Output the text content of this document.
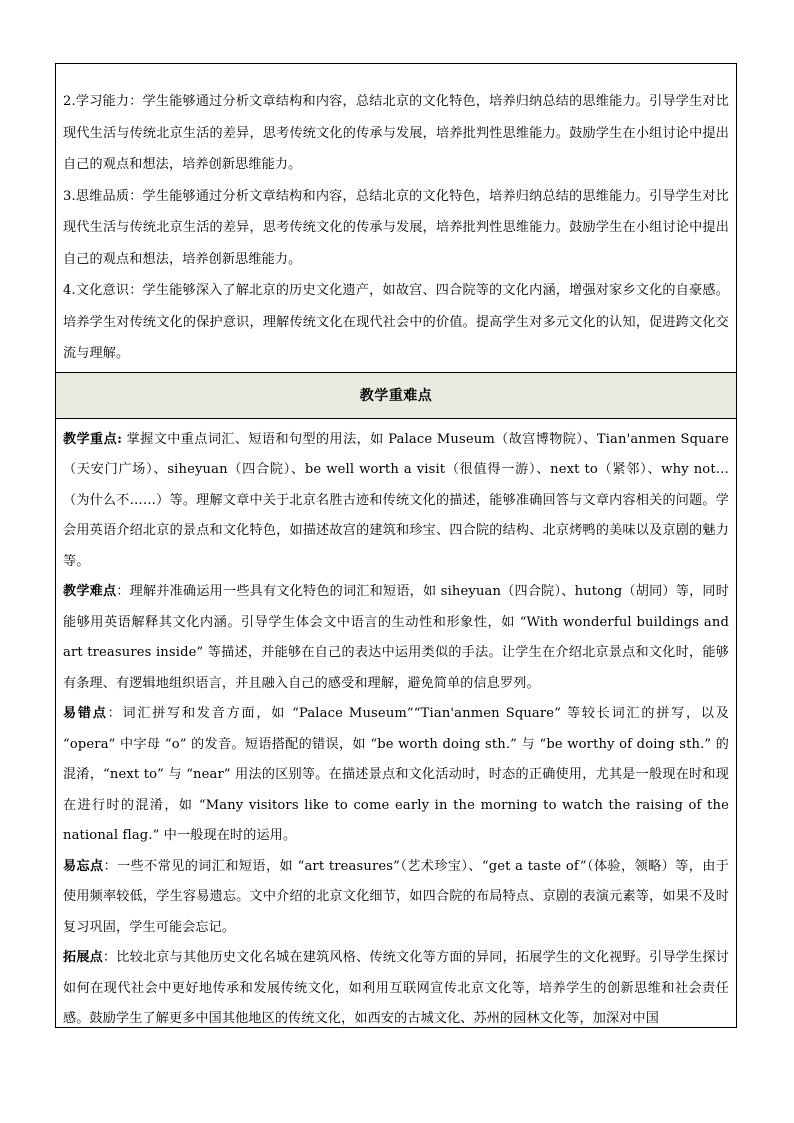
2.学习能力：学生能够通过分析文章结构和内容，总结北京的文化特色，培养归纳总结的思维能力。引导学生对比现代生活与传统北京生活的差异，思考传统文化的传承与发展，培养批判性思维能力。鼓励学生在小组讨论中提出自己的观点和想法，培养创新思维能力。

3.思维品质：学生能够通过分析文章结构和内容，总结北京的文化特色，培养归纳总结的思维能力。引导学生对比现代生活与传统北京生活的差异，思考传统文化的传承与发展，培养批判性思维能力。鼓励学生在小组讨论中提出自己的观点和想法，培养创新思维能力。

4.文化意识：学生能够深入了解北京的历史文化遗产，如故宫、四合院等的文化内涵，增强对家乡文化的自豪感。培养学生对传统文化的保护意识，理解传统文化在现代社会中的价值。提高学生对多元文化的认知，促进跨文化交流与理解。

教学重难点

教学重点: 掌握文中重点词汇、短语和句型的用法，如 Palace Museum（故宫博物院）、Tian'anmen Square（天安门广场）、siheyuan（四合院）、be well worth a visit（很值得一游）、next to（紧邻）、why not…（为什么不……）等。理解文章中关于北京名胜古迹和传统文化的描述，能够准确回答与文章内容相关的问题。学会用英语介绍北京的景点和文化特色，如描述故宫的建筑和珍宝、四合院的结构、北京烤鸭的美味以及京剧的魅力等。

教学难点：理解并准确运用一些具有文化特色的词汇和短语，如 siheyuan（四合院）、hutong（胡同）等，同时能够用英语解释其文化内涵。引导学生体会文中语言的生动性和形象性，如 “With wonderful buildings and art treasures inside” 等描述，并能够在自己的表达中运用类似的手法。让学生在介绍北京景点和文化时，能够有条理、有逻辑地组织语言，并且融入自己的感受和理解，避免简单的信息罗列。

易错点：词汇拼写和发音方面，如 “Palace Museum”“Tian'anmen Square” 等较长词汇的拼写，以及 “opera” 中字母 “o” 的发音。短语搭配的错误，如 “be worth doing sth.” 与 “be worthy of doing sth.” 的混淆，“next to” 与 “near” 用法的区别等。在描述景点和文化活动时，时态的正确使用，尤其是一般现在时和现在进行时的混淆，如 “Many visitors like to come early in the morning to watch the raising of the national flag.” 中一般现在时的运用。

易忘点：一些不常见的词汇和短语，如 “art treasures”（艺术珍宝）、“get a taste of”（体验，领略）等，由于使用频率较低，学生容易遗忘。文中介绍的北京文化细节，如四合院的布局特点、京剧的表演元素等，如果不及时复习巩固，学生可能会忘记。

拓展点：比较北京与其他历史文化名城在建筑风格、传统文化等方面的异同，拓展学生的文化视野。引导学生探讨如何在现代社会中更好地传承和发展传统文化，如利用互联网宣传北京文化等，培养学生的创新思维和社会责任感。鼓励学生了解更多中国其他地区的传统文化，如西安的古城文化、苏州的园林文化等，加深对中国
